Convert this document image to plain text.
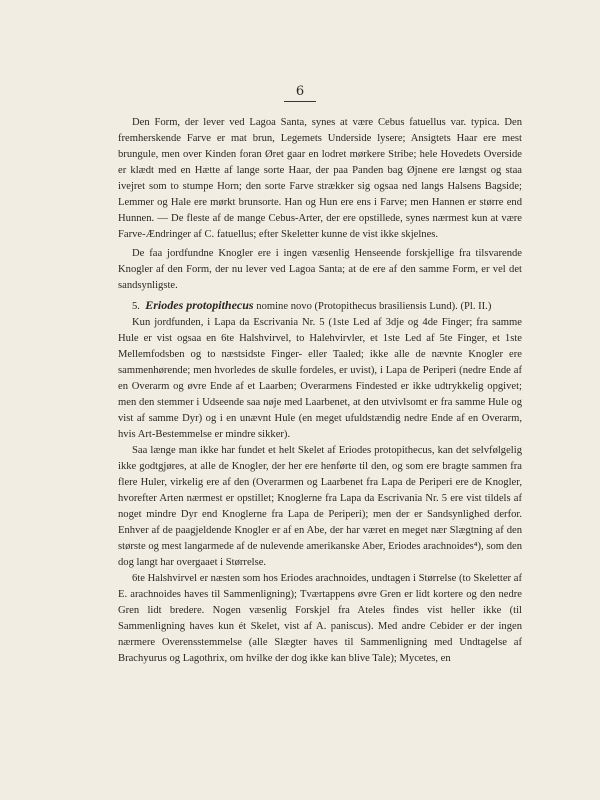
6

Den Form, der lever ved Lagoa Santa, synes at være Cebus fatuellus var. typica. Den fremherskende Farve er mat brun, Legemets Underside lysere; Ansigtets Haar ere mest brungule, men over Kinden foran Øret gaar en lodret mørkere Stribe; hele Hovedets Overside er klædt med en Hætte af lange sorte Haar, der paa Panden bag Øjnene ere længst og staa ivejret som to stumpe Horn; den sorte Farve strækker sig ogsaa ned langs Halsens Bagside; Lemmer og Hale ere mørkt brunsorte. Han og Hun ere ens i Farve; men Hannen er større end Hunnen. — De fleste af de mange Cebus-Arter, der ere opstillede, synes nærmest kun at være Farve-Ændringer af C. fatuellus; efter Skeletter kunne de vist ikke skjelnes.

De faa jordfundne Knogler ere i ingen væsenlig Henseende forskjellige fra tilsvarende Knogler af den Form, der nu lever ved Lagoa Santa; at de ere af den samme Form, er vel det sandsynligste.

5. Eriodes protopithecus nomine novo (Protopithecus brasiliensis Lund). (Pl. II.)

Kun jordfunden, i Lapa da Escrivania Nr. 5 (1ste Led af 3dje og 4de Finger; fra samme Hule er vist ogsaa en 6te Halshvirvel, to Halehvirvler, et 1ste Led af 5te Finger, et 1ste Mellemfodsben og to næstsidste Finger- eller Taaled; ikke alle de nævnte Knogler ere sammenhørende; men hvorledes de skulle fordeles, er uvist), i Lapa de Periperi (nedre Ende af en Overarm og øvre Ende af et Laarben; Overarmens Findested er ikke udtrykkelig opgivet; men den stemmer i Udseende saa nøje med Laarbenet, at den utvivlsomt er fra samme Hule og vist af samme Dyr) og i en unævnt Hule (en meget ufuldstændig nedre Ende af en Overarm, hvis Art-Bestemmelse er mindre sikker).

Saa længe man ikke har fundet et helt Skelet af Eriodes protopithecus, kan det selvfølgelig ikke godtgjøres, at alle de Knogler, der her ere henførte til den, og som ere bragte sammen fra flere Huler, virkelig ere af den (Overarmen og Laarbenet fra Lapa de Periperi ere de Knogler, hvorefter Arten nærmest er opstillet; Knoglerne fra Lapa da Escrivania Nr. 5 ere vist tildels af noget mindre Dyr end Knoglerne fra Lapa de Periperi); men der er Sandsynlighed derfor. Enhver af de paagjeldende Knogler er af en Abe, der har været en meget nær Slægtning af den største og mest langarmede af de nulevende amerikanske Aber, Eriodes arachnoides⁴), som den dog langt har overgaaet i Størrelse.

6te Halshvirvel er næsten som hos Eriodes arachnoides, undtagen i Størrelse (to Skeletter af E. arachnoides haves til Sammenligning); Tværtappens øvre Gren er lidt kortere og den nedre Gren lidt bredere. Nogen væsenlig Forskjel fra Ateles findes vist heller ikke (til Sammenligning haves kun ét Skelet, vist af A. paniscus). Med andre Cebider er der ingen nærmere Overensstemmelse (alle Slægter haves til Sammenligning med Undtagelse af Brachyurus og Lagothrix, om hvilke der dog ikke kan blive Tale); Mycetes, en
